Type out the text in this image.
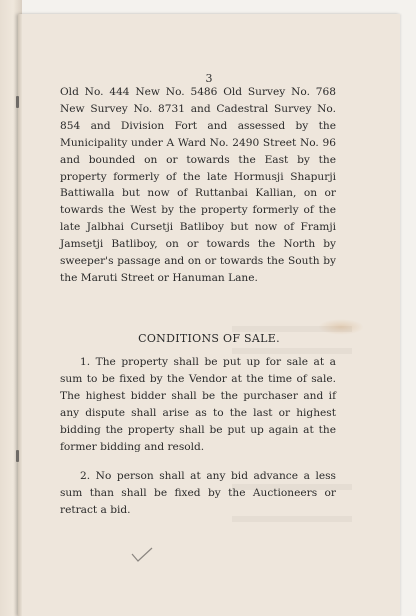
3

Old No. 444 New No. 5486 Old Survey No. 768 New Survey No. 8731 and Cadestral Survey No. 854 and Division Fort and assessed by the Municipality under A Ward No. 2490 Street No. 96 and bounded on or towards the East by the property formerly of the late Hormusji Shapurji Battiwalla but now of Ruttanbai Kallian, on or towards the West by the property formerly of the late Jalbhai Cursetji Batliboy but now of Framji Jamsetji Batliboy, on or towards the North by sweeper's passage and on or towards the South by the Maruti Street or Hanuman Lane.

CONDITIONS OF SALE.

1. The property shall be put up for sale at a sum to be fixed by the Vendor at the time of sale. The highest bidder shall be the purchaser and if any dispute shall arise as to the last or highest bidding the property shall be put up again at the former bidding and resold.

2. No person shall at any bid advance a less sum than shall be fixed by the Auctioneers or retract a bid.
